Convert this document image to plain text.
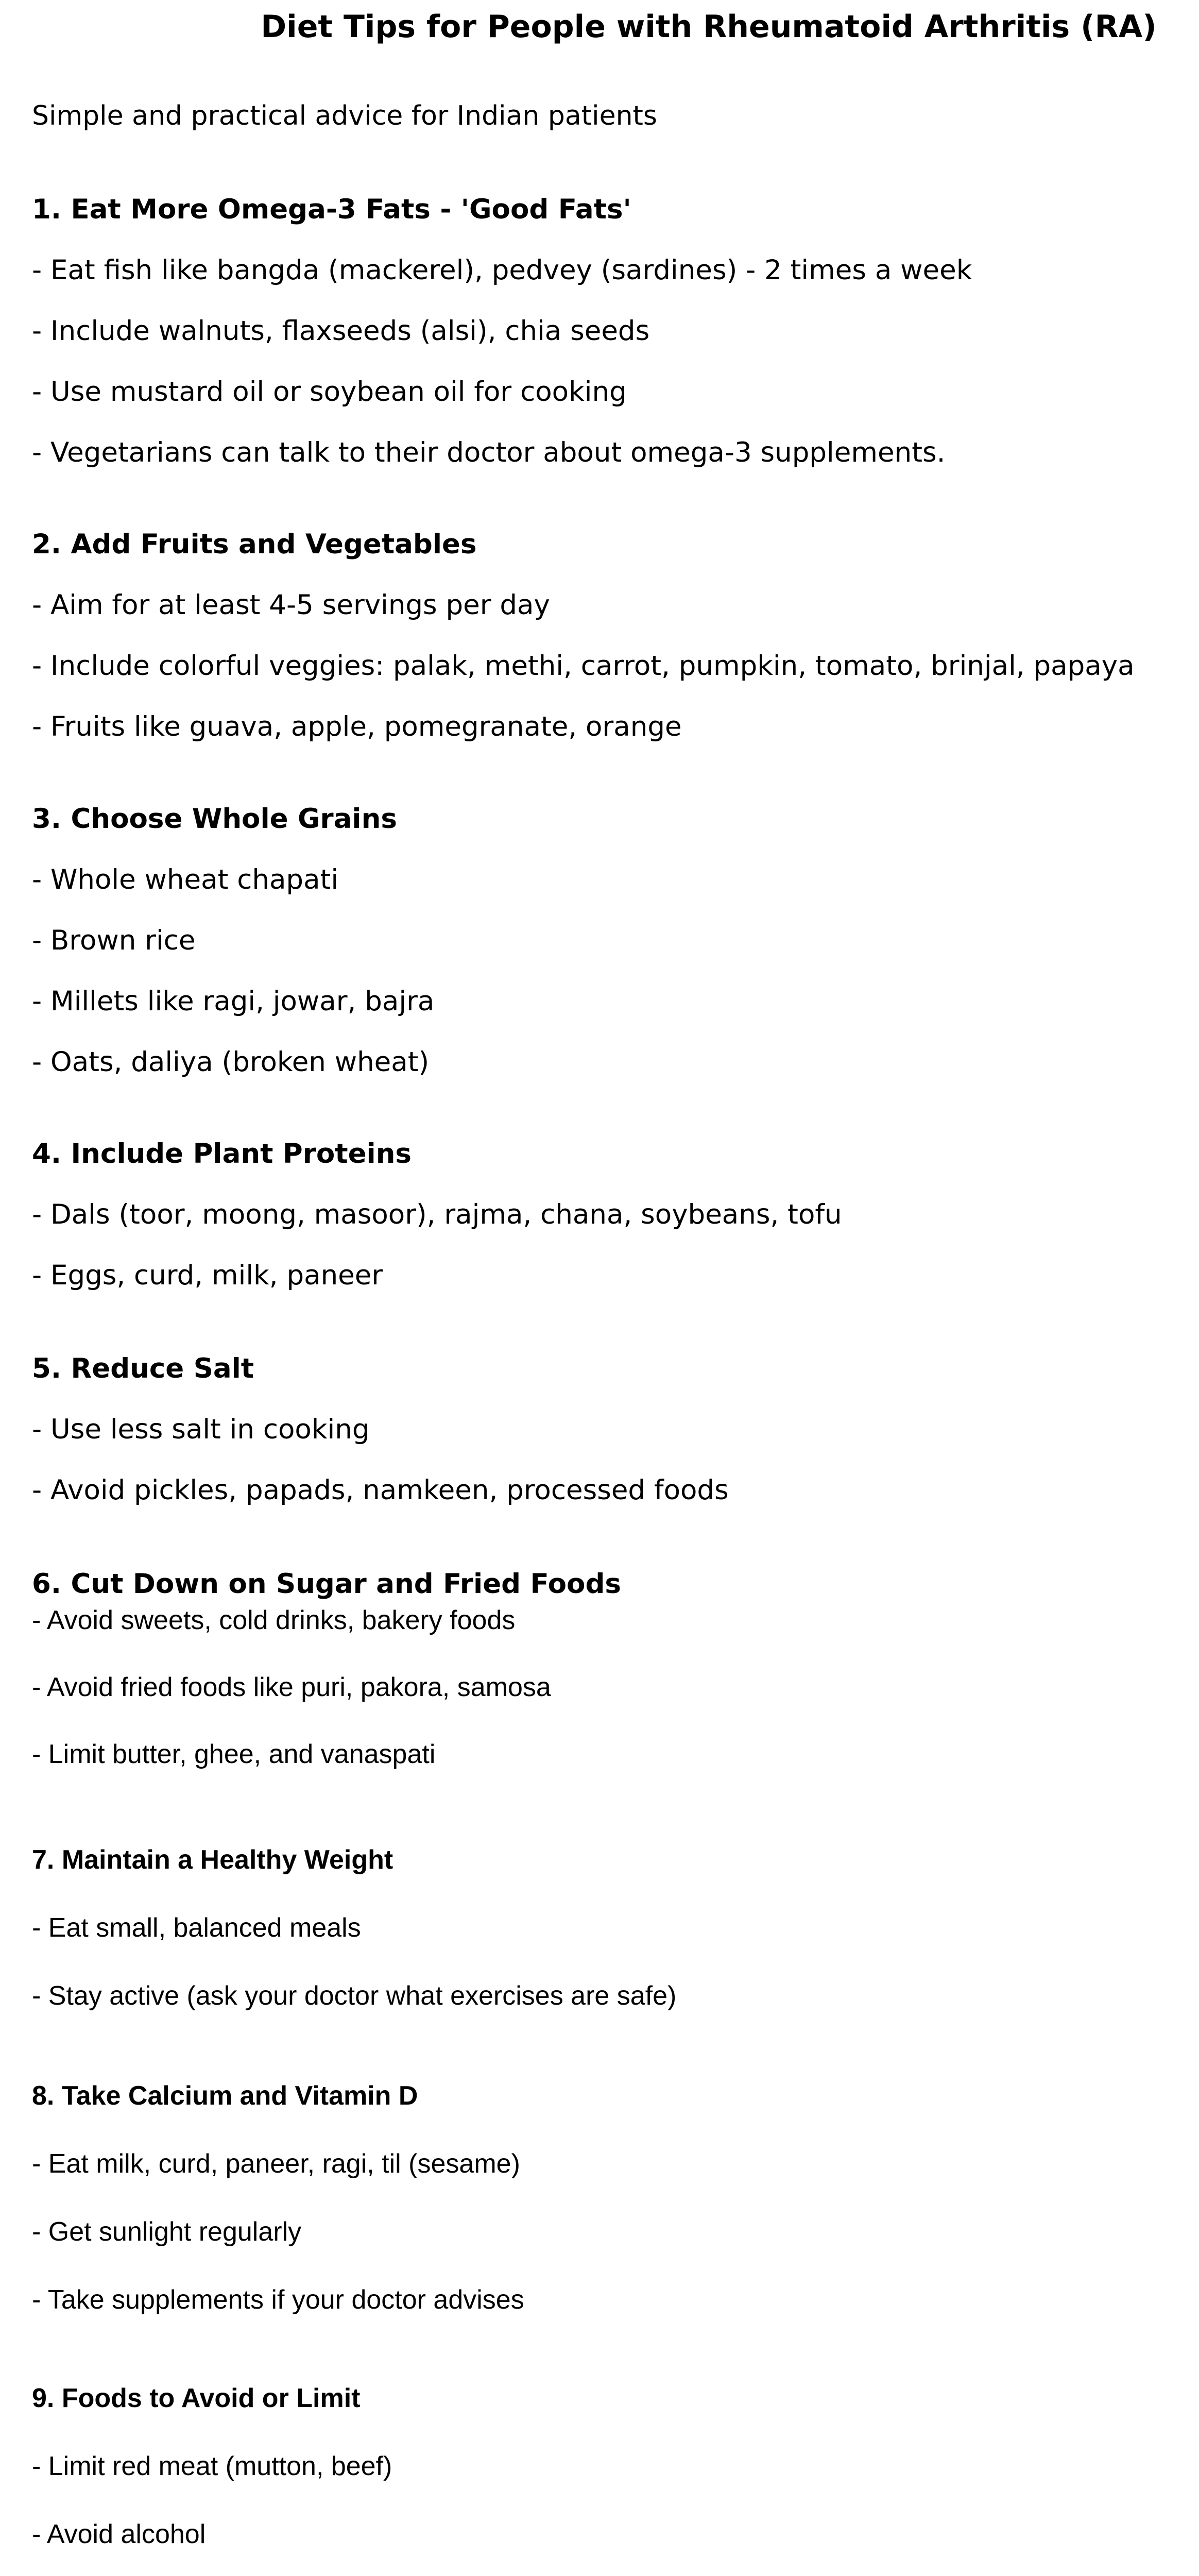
Diet Tips for People with Rheumatoid Arthritis (RA)
Simple and practical advice for Indian patients
1. Eat More Omega-3 Fats - 'Good Fats'
- Eat fish like bangda (mackerel), pedvey (sardines) - 2 times a week
- Include walnuts, flaxseeds (alsi), chia seeds
- Use mustard oil or soybean oil for cooking
- Vegetarians can talk to their doctor about omega-3 supplements.
2. Add Fruits and Vegetables
- Aim for at least 4-5 servings per day
- Include colorful veggies: palak, methi, carrot, pumpkin, tomato, brinjal, papaya
- Fruits like guava, apple, pomegranate, orange
3. Choose Whole Grains
- Whole wheat chapati
- Brown rice
- Millets like ragi, jowar, bajra
- Oats, daliya (broken wheat)
4. Include Plant Proteins
- Dals (toor, moong, masoor), rajma, chana, soybeans, tofu
- Eggs, curd, milk, paneer
5. Reduce Salt
- Use less salt in cooking
- Avoid pickles, papads, namkeen, processed foods
6. Cut Down on Sugar and Fried Foods
- Avoid sweets, cold drinks, bakery foods
- Avoid fried foods like puri, pakora, samosa
- Limit butter, ghee, and vanaspati
7. Maintain a Healthy Weight
- Eat small, balanced meals
- Stay active (ask your doctor what exercises are safe)
8. Take Calcium and Vitamin D
- Eat milk, curd, paneer, ragi, til (sesame)
- Get sunlight regularly
- Take supplements if your doctor advises
9. Foods to Avoid or Limit
- Limit red meat (mutton, beef)
- Avoid alcohol
